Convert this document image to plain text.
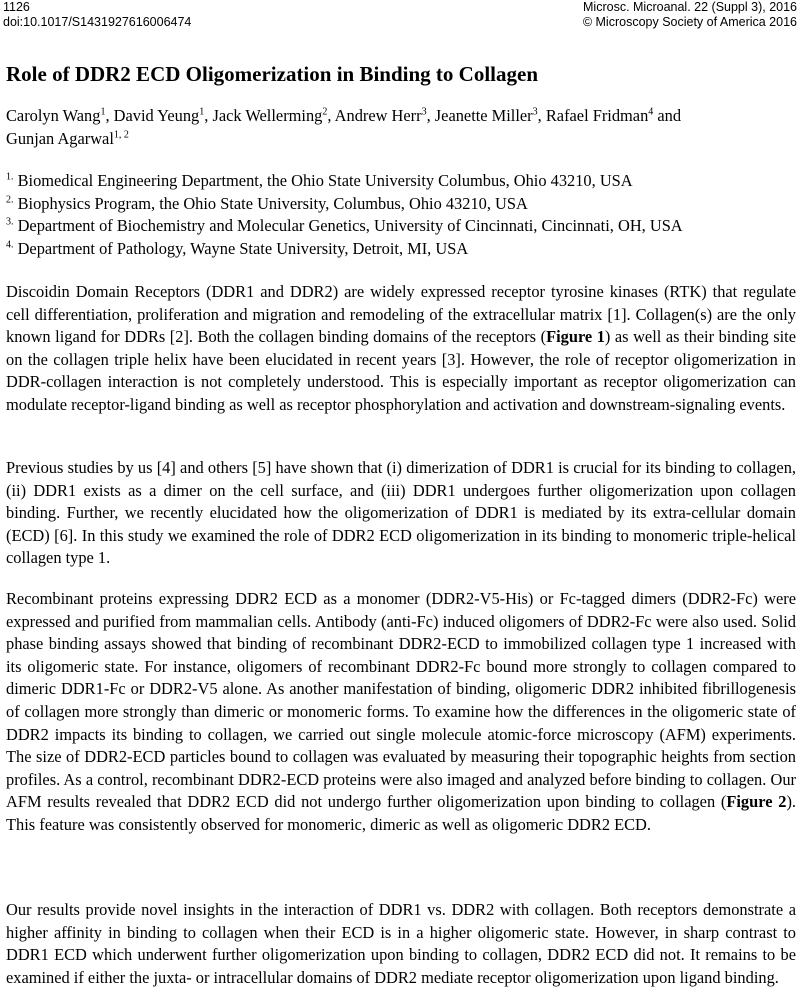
1126
doi:10.1017/S1431927616006474
Microsc. Microanal. 22 (Suppl 3), 2016
© Microscopy Society of America 2016
Role of DDR2 ECD Oligomerization in Binding to Collagen
Carolyn Wang$^1$, David Yeung$^1$, Jack Wellerming$^2$, Andrew Herr$^3$, Jeanette Miller$^3$, Rafael Fridman$^4$ and
Gunjan Agarwal$^{1, 2}$
$^{1.}$ Biomedical Engineering Department, the Ohio State University Columbus, Ohio 43210, USA
$^{2.}$ Biophysics Program, the Ohio State University, Columbus, Ohio 43210, USA
$^{3.}$ Department of Biochemistry and Molecular Genetics, University of Cincinnati, Cincinnati, OH, USA
$^{4.}$ Department of Pathology, Wayne State University, Detroit, MI, USA

Discoidin Domain Receptors (DDR1 and DDR2) are widely expressed receptor tyrosine kinases (RTK) that regulate cell differentiation, proliferation and migration and remodeling of the extracellular matrix [1]. Collagen(s) are the only known ligand for DDRs [2]. Both the collagen binding domains of the receptors (Figure 1) as well as their binding site on the collagen triple helix have been elucidated in recent years [3]. However, the role of receptor oligomerization in DDR-collagen interaction is not completely understood. This is especially important as receptor oligomerization can modulate receptor-ligand binding as well as receptor phosphorylation and activation and downstream-signaling events.

Previous studies by us [4] and others [5] have shown that (i) dimerization of DDR1 is crucial for its binding to collagen, (ii) DDR1 exists as a dimer on the cell surface, and (iii) DDR1 undergoes further oligomerization upon collagen binding. Further, we recently elucidated how the oligomerization of DDR1 is mediated by its extra-cellular domain (ECD) [6]. In this study we examined the role of DDR2 ECD oligomerization in its binding to monomeric triple-helical collagen type 1.

Recombinant proteins expressing DDR2 ECD as a monomer (DDR2-V5-His) or Fc-tagged dimers (DDR2-Fc) were expressed and purified from mammalian cells. Antibody (anti-Fc) induced oligomers of DDR2-Fc were also used. Solid phase binding assays showed that binding of recombinant DDR2-ECD to immobilized collagen type 1 increased with its oligomeric state. For instance, oligomers of recombinant DDR2-Fc bound more strongly to collagen compared to dimeric DDR1-Fc or DDR2-V5 alone. As another manifestation of binding, oligomeric DDR2 inhibited fibrillogenesis of collagen more strongly than dimeric or monomeric forms. To examine how the differences in the oligomeric state of DDR2 impacts its binding to collagen, we carried out single molecule atomic-force microscopy (AFM) experiments. The size of DDR2-ECD particles bound to collagen was evaluated by measuring their topographic heights from section profiles. As a control, recombinant DDR2-ECD proteins were also imaged and analyzed before binding to collagen. Our AFM results revealed that DDR2 ECD did not undergo further oligomerization upon binding to collagen (Figure 2). This feature was consistently observed for monomeric, dimeric as well as oligomeric DDR2 ECD.

Our results provide novel insights in the interaction of DDR1 vs. DDR2 with collagen. Both receptors demonstrate a higher affinity in binding to collagen when their ECD is in a higher oligomeric state. However, in sharp contrast to DDR1 ECD which underwent further oligomerization upon binding to collagen, DDR2 ECD did not. It remains to be examined if either the juxta- or intracellular domains of DDR2 mediate receptor oligomerization upon ligand binding.
